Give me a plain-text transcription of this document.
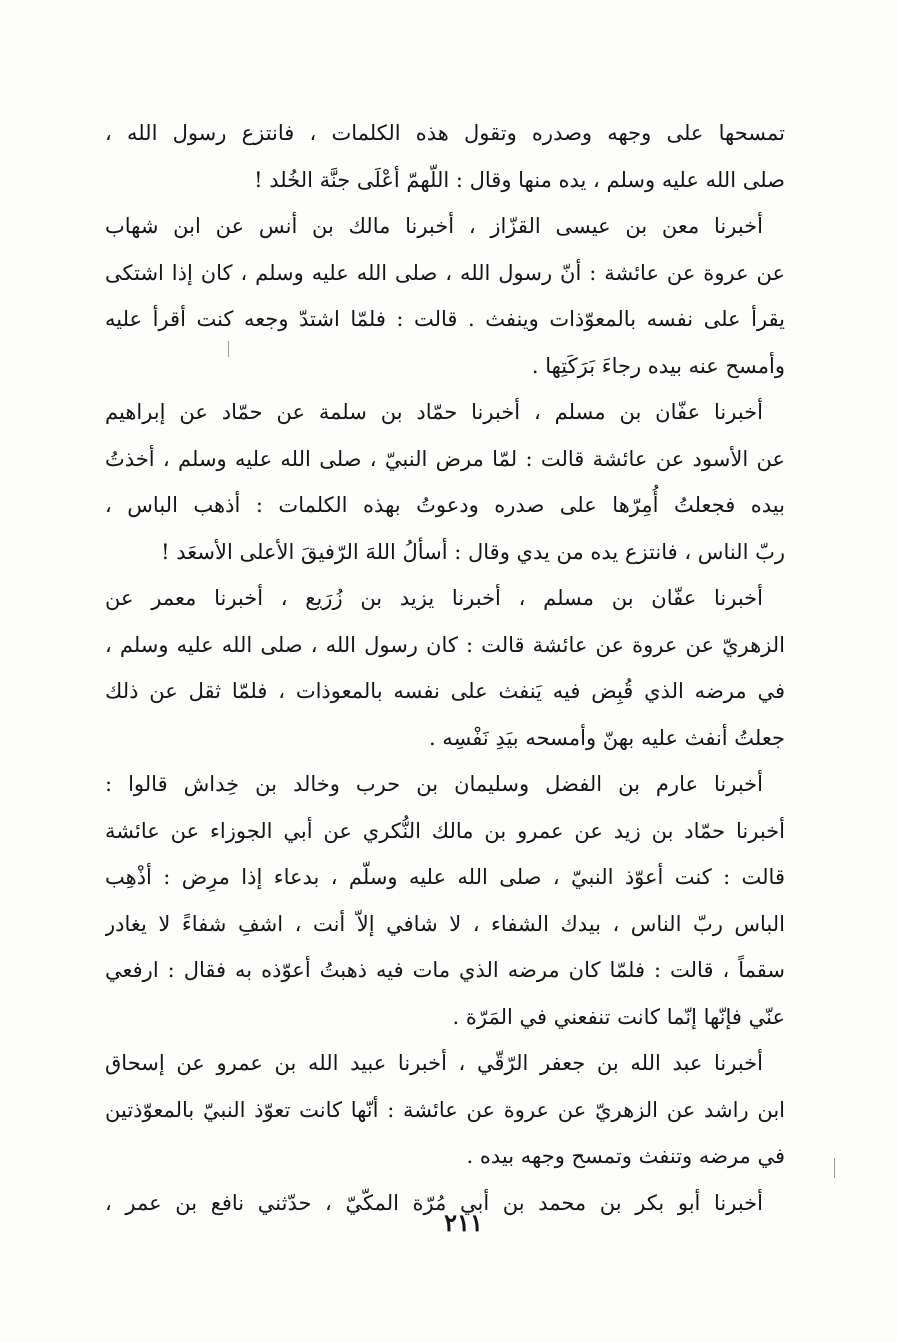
تمسحها على وجهه وصدره وتقول هذه الكلمات ، فانتزع رسول الله ،
صلى الله عليه وسلم ، يده منها وقال : اللّهمّ أعْلَى جنَّة الخُلد !
أخبرنا معن بن عيسى القزّاز ، أخبرنا مالك بن أنس عن ابن شهاب
عن عروة عن عائشة : أنّ رسول الله ، صلى الله عليه وسلم ، كان إذا اشتكى
يقرأ على نفسه بالمعوّذات وينفث . قالت : فلمّا اشتدّ وجعه كنت أقرأ عليه
وأمسح عنه بيده رجاءَ بَرَكَتِها .
أخبرنا عفّان بن مسلم ، أخبرنا حمّاد بن سلمة عن حمّاد عن إبراهيم
عن الأسود عن عائشة قالت : لمّا مرض النبيّ ، صلى الله عليه وسلم ، أخذتُ
بيده فجعلتُ أُمِرّها على صدره ودعوتُ بهذه الكلمات : أذهب الباس ،
ربّ الناس ، فانتزع يده من يدي وقال : أسألُ اللهَ الرّفيقَ الأعلى الأسعَد !
أخبرنا عفّان بن مسلم ، أخبرنا يزيد بن زُرَيع ، أخبرنا معمر عن
الزهريّ عن عروة عن عائشة قالت : كان رسول الله ، صلى الله عليه وسلم ،
في مرضه الذي قُبِض فيه يَنفث على نفسه بالمعوذات ، فلمّا ثقل عن ذلك
جعلتُ أنفث عليه بهنّ وأمسحه بيَدِ نَفْسِه .
أخبرنا عارم بن الفضل وسليمان بن حرب وخالد بن خِداش قالوا :
أخبرنا حمّاد بن زيد عن عمرو بن مالك النُّكري عن أبي الجوزاء عن عائشة
قالت : كنت أعوّذ النبيّ ، صلى الله عليه وسلّم ، بدعاء إذا مرِض : أذْهِب
الباس ربّ الناس ، بيدك الشفاء ، لا شافي إلاّ أنت ، اشفِ شفاءً لا يغادر
سقماً ، قالت : فلمّا كان مرضه الذي مات فيه ذهبتُ أعوّذه به فقال : ارفعي
عنّي فإنّها إنّما كانت تنفعني في المَرّة .
أخبرنا عبد الله بن جعفر الرّقّي ، أخبرنا عبيد الله بن عمرو عن إسحاق
ابن راشد عن الزهريّ عن عروة عن عائشة : أنّها كانت تعوّذ النبيّ بالمعوّذتين
في مرضه وتنفث وتمسح وجهه بيده .
أخبرنا أبو بكر بن محمد بن أبي مُرّة المكّيّ ، حدّثني نافع بن عمر ،
٢١١
